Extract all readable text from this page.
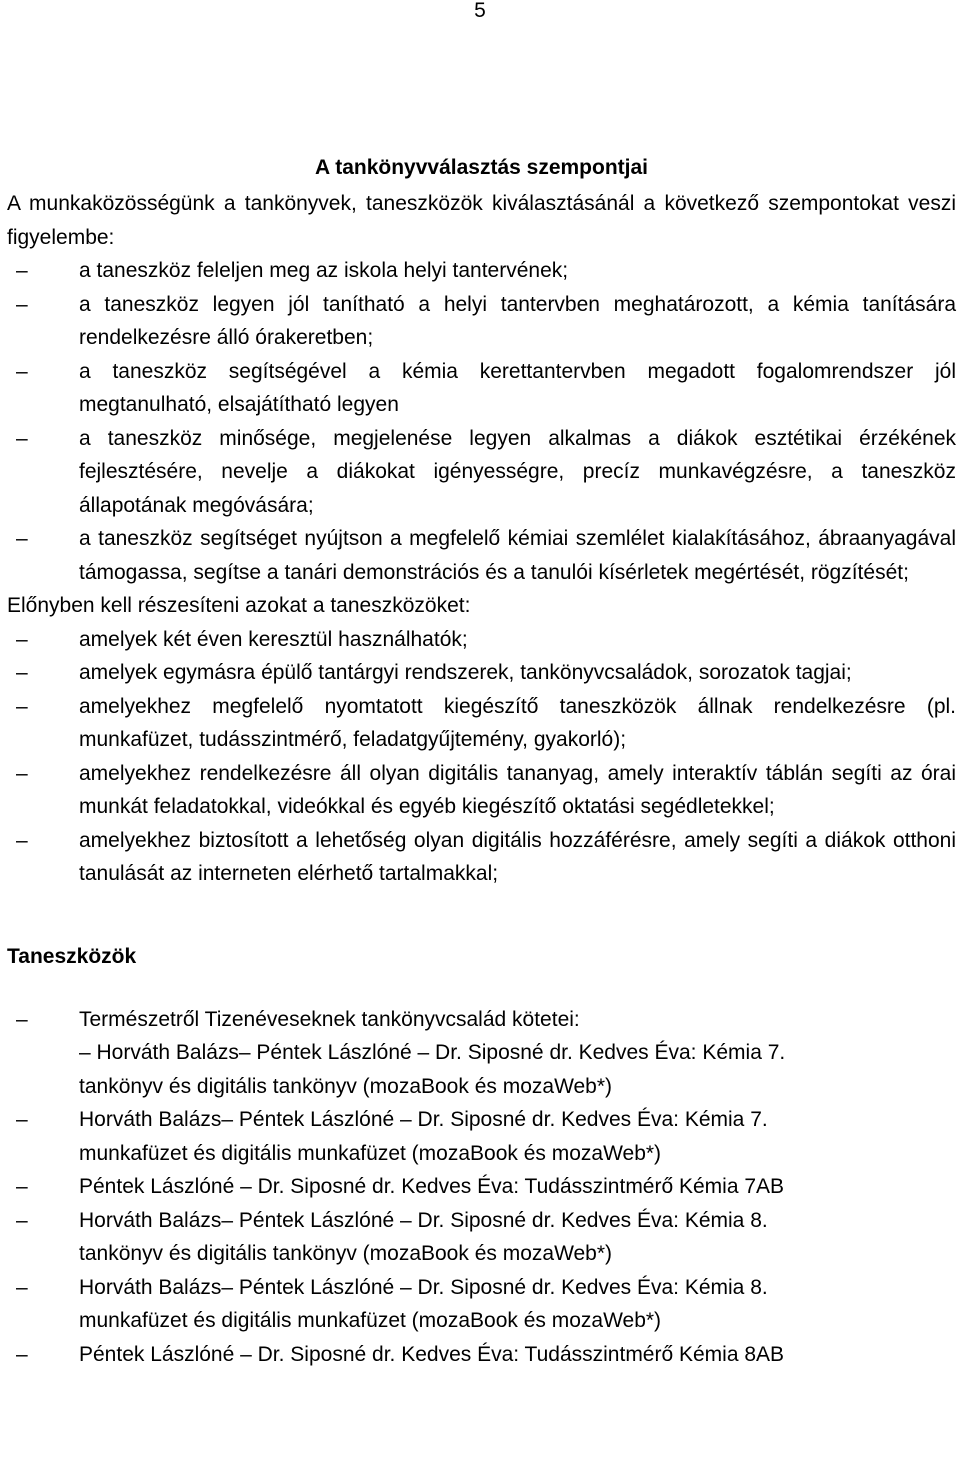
5
A tankönyvválasztás szempontjai

A munkaközösségünk a tankönyvek, taneszközök kiválasztásánál a következő szempontokat veszi figyelembe:

– a taneszköz feleljen meg az iskola helyi tantervének;
– a taneszköz legyen jól tanítható a helyi tantervben meghatározott, a kémia tanítására rendelkezésre álló órakeretben;
– a taneszköz segítségével a kémia kerettantervben megadott fogalomrendszer jól megtanulható, elsajátítható legyen
– a taneszköz minősége, megjelenése legyen alkalmas a diákok esztétikai érzékének fejlesztésére, nevelje a diákokat igényességre, precíz munkavégzésre, a taneszköz állapotának megóvására;
– a taneszköz segítséget nyújtson a megfelelő kémiai szemlélet kialakításához, ábraanyagával támogassa, segítse a tanári demonstrációs és a tanulói kísérletek megértését, rögzítését;

Előnyben kell részesíteni azokat a taneszközöket:

– amelyek két éven keresztül használhatók;
– amelyek egymásra épülő tantárgyi rendszerek, tankönyvcsaládok, sorozatok tagjai;
– amelyekhez megfelelő nyomtatott kiegészítő taneszközök állnak rendelkezésre (pl. munkafüzet, tudásszintmérő, feladatgyűjtemény, gyakorló);
– amelyekhez rendelkezésre áll olyan digitális tananyag, amely interaktív táblán segíti az órai munkát feladatokkal, videókkal és egyéb kiegészítő oktatási segédletekkel;
– amelyekhez biztosított a lehetőség olyan digitális hozzáférésre, amely segíti a diákok otthoni tanulását az interneten elérhető tartalmakkal;
Taneszközök
– Természetről Tizenéveseknek tankönyvcsalád kötetei:
– Horváth Balázs– Péntek Lászlóné – Dr. Siposné dr. Kedves Éva: Kémia 7.
tankönyv és digitális tankönyv (mozaBook és mozaWeb*)
– Horváth Balázs– Péntek Lászlóné – Dr. Siposné dr. Kedves Éva: Kémia 7.
munkafüzet és digitális munkafüzet (mozaBook és mozaWeb*)
– Péntek Lászlóné – Dr. Siposné dr. Kedves Éva: Tudásszintmérő Kémia 7AB
– Horváth Balázs– Péntek Lászlóné – Dr. Siposné dr. Kedves Éva: Kémia 8.
tankönyv és digitális tankönyv (mozaBook és mozaWeb*)
– Horváth Balázs– Péntek Lászlóné – Dr. Siposné dr. Kedves Éva: Kémia 8.
munkafüzet és digitális munkafüzet (mozaBook és mozaWeb*)
– Péntek Lászlóné – Dr. Siposné dr. Kedves Éva: Tudásszintmérő Kémia 8AB
